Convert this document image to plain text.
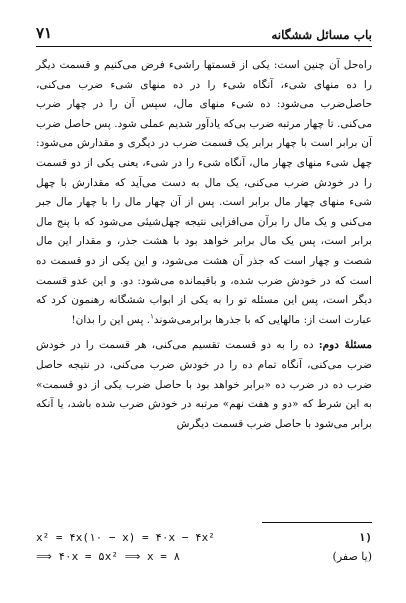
باب مسائل ششگانه
۷۱

راه‌حل آن چنین است: یکی از قسمتها راشیء فرض می‌کنیم و قسمت دیگر را ده منهای شیء، آنگاه شیء را در ده منهای شیء ضرب می‌کنی، حاصل‌ضرب می‌شود: ده شیء منهای مال، سپس آن را در چهار ضرب می‌کنی. تا چهار مرتبه ضرب بی‌که یادآور شدیم عملی شود. پس حاصل ضرب آن برابر است با چهار برابر یک قسمت ضرب در دیگری و مقدارش می‌شود: چهل شیء منهای چهار مال، آنگاه شیء را در شیء، یعنی یکی از دو قسمت را در خودش ضرب می‌کنی، یک مال به دست می‌آید که مقدارش با چهل شیء منهای چهار مال برابر است. پس از آن چهار مال را با چهار مال جبر می‌کنی و یک مال را برآن می‌افزایی نتیجه چهل‌شیئی می‌شود که با پنج مال برابر است، پس یک مال برابر خواهد بود با هشت جذر، و مقدار این مال شصت و چهار است که جذر آن هشت می‌شود، و این یکی از دو قسمت ده است که در خودش ضرب شده، و باقیمانده می‌شود: دو. و این عدو قسمت دیگر است، پس این مسئله تو را به یکی از ابواب ششگانه رهنمون کرد که عبارت است از: مالهایی که با جذرها برابرمی‌شوند$^۱$. پس این را بدان!

مسئلهٔ دوم: ده را به دو قسمت تقسیم می‌کنی، هر قسمت را در خودش ضرب می‌کنی، آنگاه تمام ده را در خودش ضرب می‌کنی، در نتیجه حاصل ضرب ده در ضرب ده «برابر خواهد بود با حاصل ضرب یکی از دو قسمت» به این شرط که «دو و هفت نهم» مرتبه در خودش ضرب شده باشد، یا آنکه برابر می‌شود با حاصل ضرب قسمت دیگرش

x² = ۴x(۱۰ − x) = ۴۰x − ۴x²	۱)
⟹ ۴۰x = ۵x² ⟹ x = ۸	(یا صفر)
